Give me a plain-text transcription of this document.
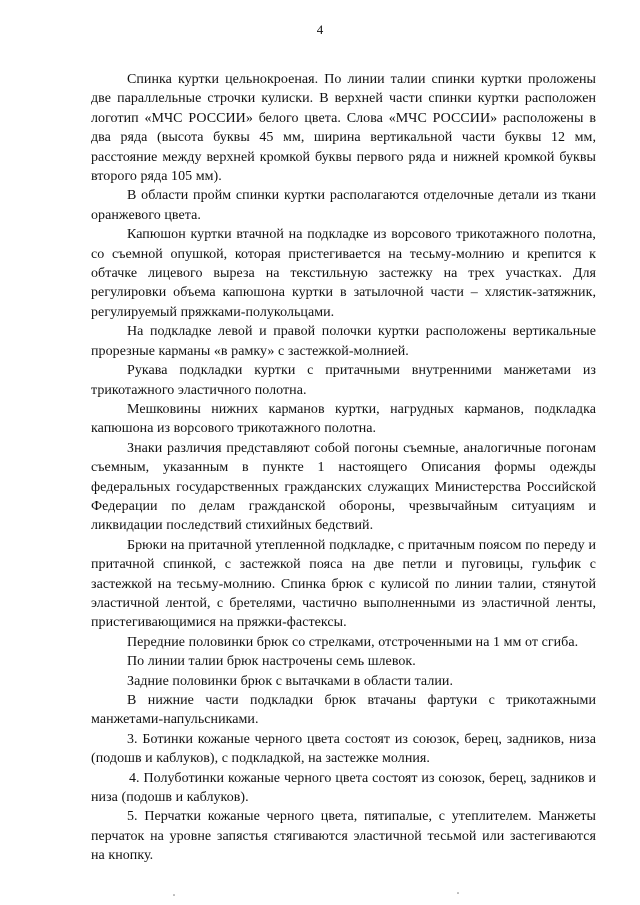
4

Спинка куртки цельнокроеная. По линии талии спинки куртки проложены две параллельные строчки кулиски. В верхней части спинки куртки расположен логотип «МЧС РОССИИ» белого цвета. Слова «МЧС РОССИИ» расположены в два ряда (высота буквы 45 мм, ширина вертикальной части буквы 12 мм, расстояние между верхней кромкой буквы первого ряда и нижней кромкой буквы второго ряда 105 мм).

В области пройм спинки куртки располагаются отделочные детали из ткани оранжевого цвета.

Капюшон куртки втачной на подкладке из ворсового трикотажного полотна, со съемной опушкой, которая пристегивается на тесьму-молнию и крепится к обтачке лицевого выреза на текстильную застежку на трех участках. Для регулировки объема капюшона куртки в затылочной части – хлястик-затяжник, регулируемый пряжками-полукольцами.

На подкладке левой и правой полочки куртки расположены вертикальные прорезные карманы «в рамку» с застежкой-молнией.

Рукава подкладки куртки с притачными внутренними манжетами из трикотажного эластичного полотна.

Мешковины нижних карманов куртки, нагрудных карманов, подкладка капюшона из ворсового трикотажного полотна.

Знаки различия представляют собой погоны съемные, аналогичные погонам съемным, указанным в пункте 1 настоящего Описания формы одежды федеральных государственных гражданских служащих Министерства Российской Федерации по делам гражданской обороны, чрезвычайным ситуациям и ликвидации последствий стихийных бедствий.

Брюки на притачной утепленной подкладке, с притачным поясом по переду и притачной спинкой, с застежкой пояса на две петли и пуговицы, гульфик с застежкой на тесьму-молнию. Спинка брюк с кулисой по линии талии, стянутой эластичной лентой, с бретелями, частично выполненными из эластичной ленты, пристегивающимися на пряжки-фастексы.

Передние половинки брюк со стрелками, отстроченными на 1 мм от сгиба.

По линии талии брюк настрочены семь шлевок.

Задние половинки брюк с вытачками в области талии.

В нижние части подкладки брюк втачаны фартуки с трикотажными манжетами-напульсниками.

3. Ботинки кожаные черного цвета состоят из союзок, берец, задников, низа (подошв и каблуков), с подкладкой, на застежке молния.

4. Полуботинки кожаные черного цвета состоят из союзок, берец, задников и низа (подошв и каблуков).

5. Перчатки кожаные черного цвета, пятипалые, с утеплителем. Манжеты перчаток на уровне запястья стягиваются эластичной тесьмой или застегиваются на кнопку.
